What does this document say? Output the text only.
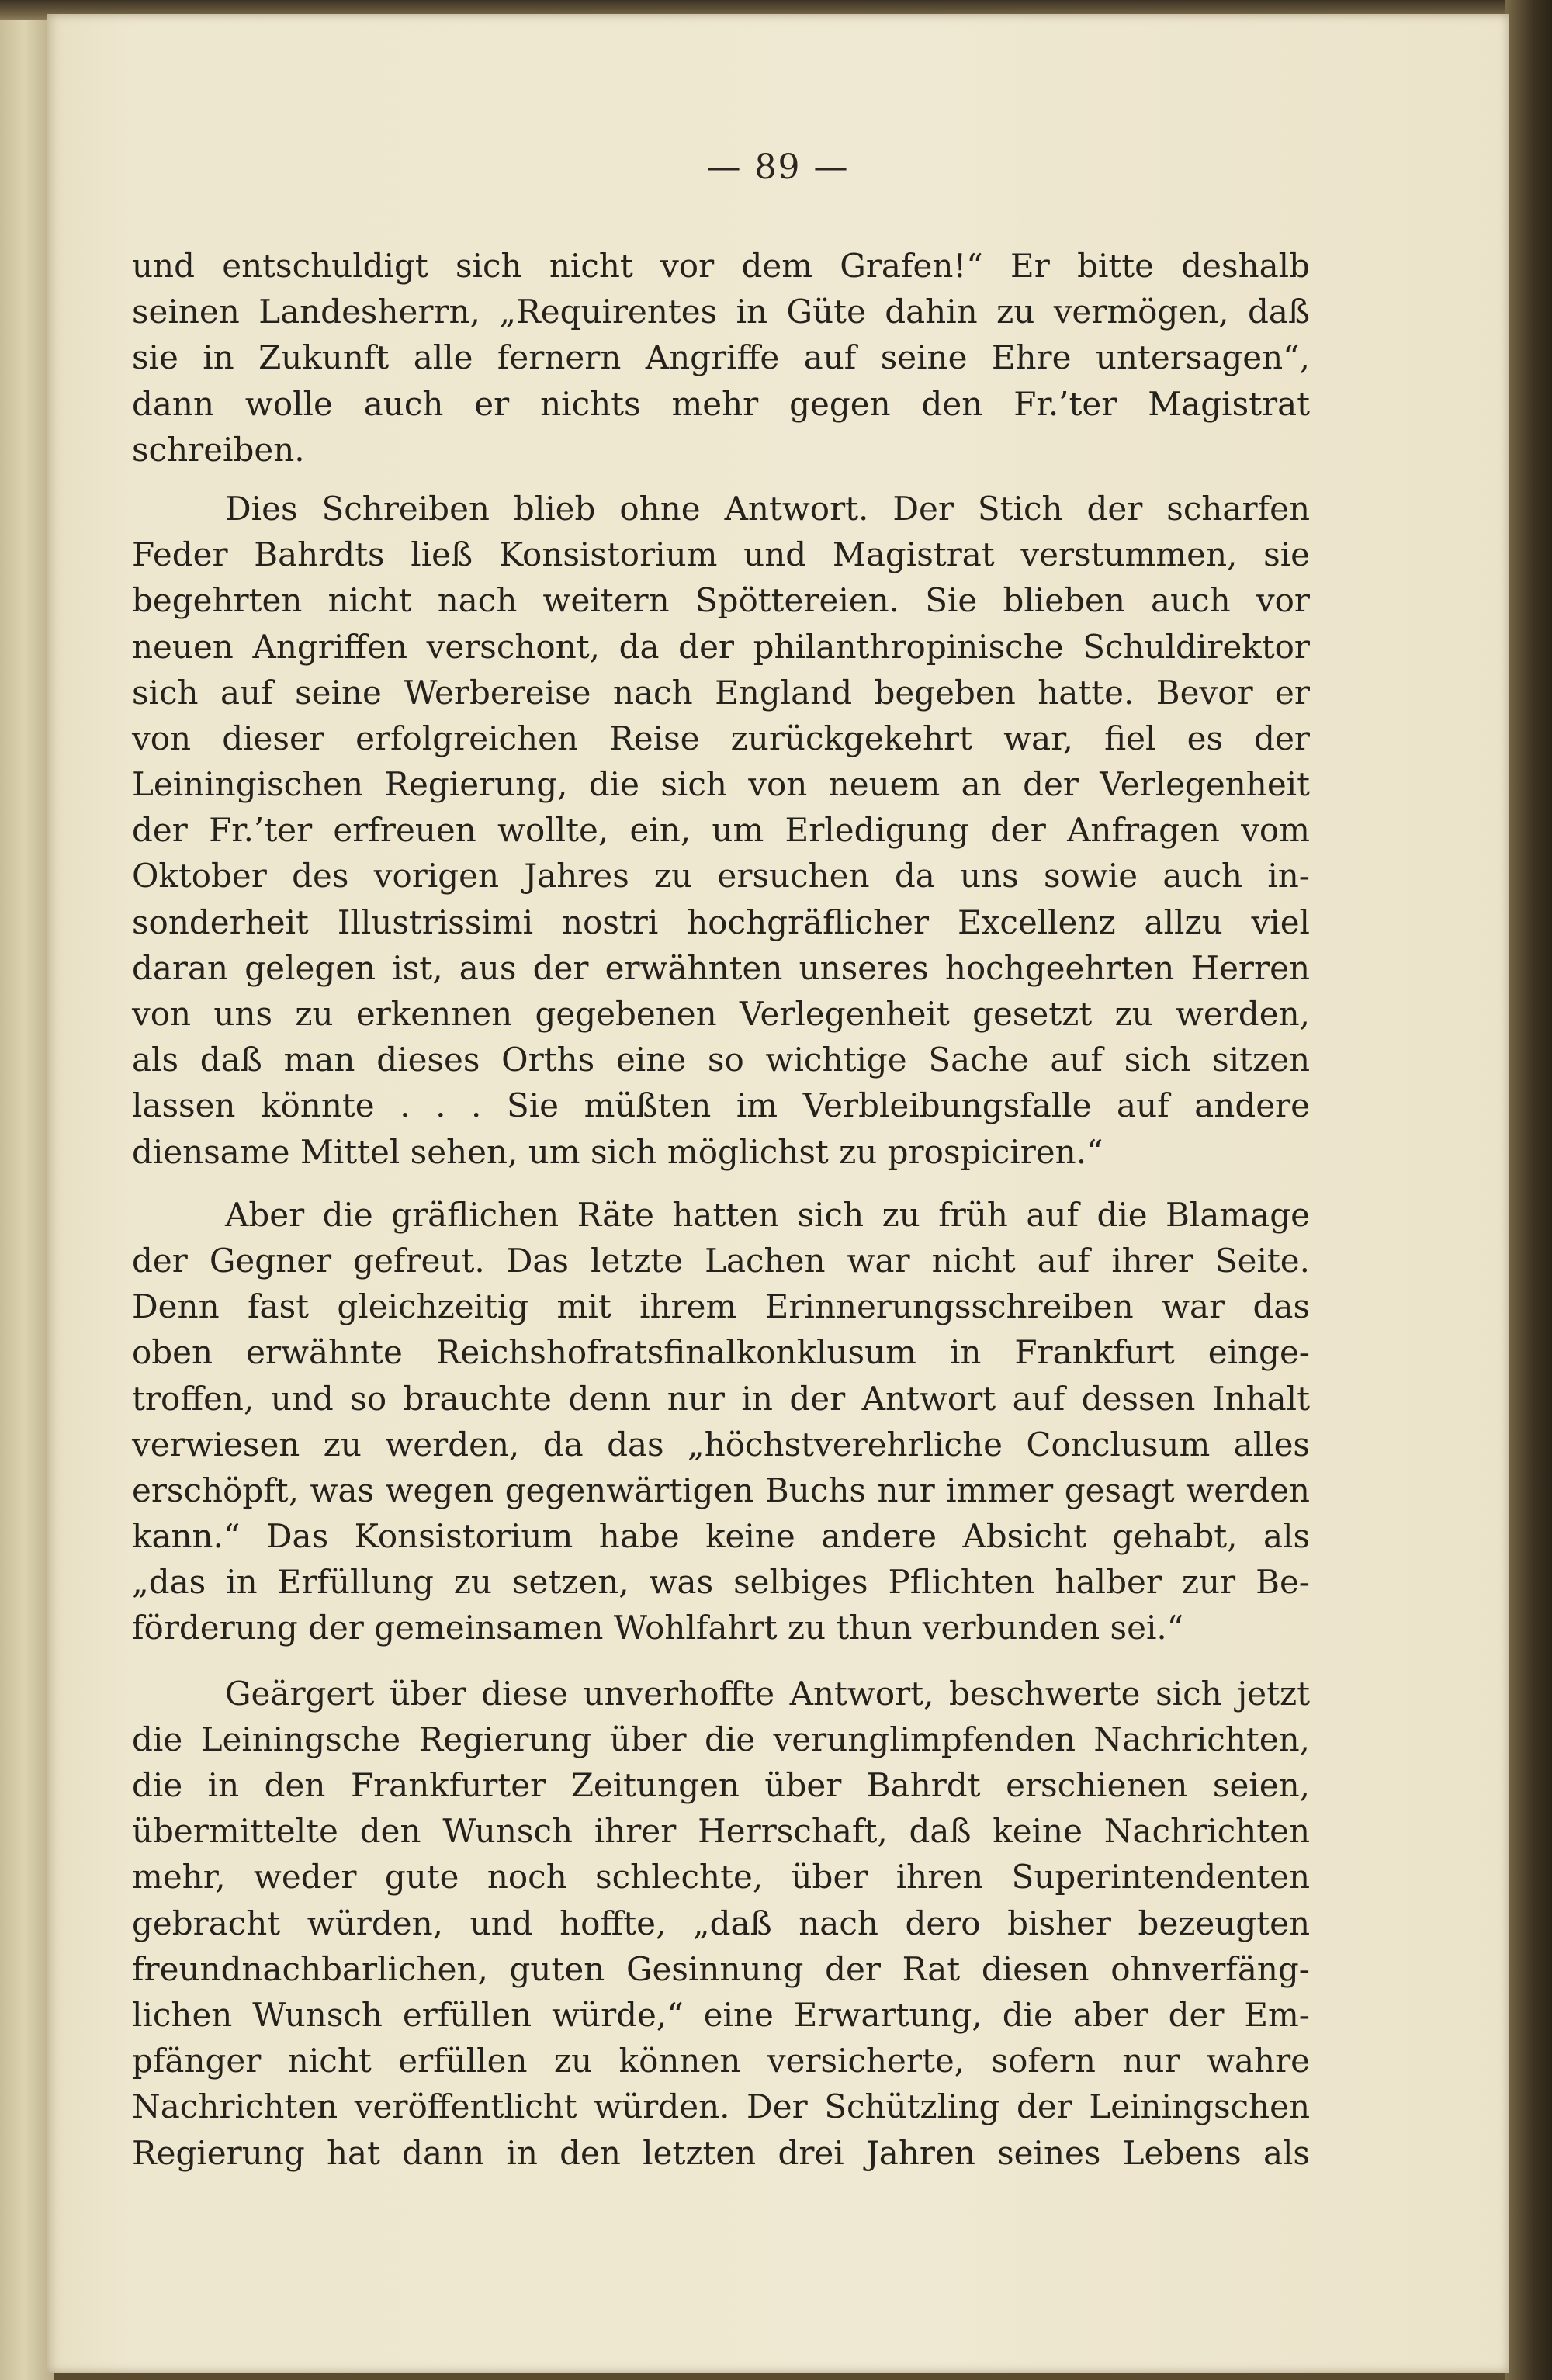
— 89 —
und entschuldigt sich nicht vor dem Grafen!“ Er bitte deshalb
seinen Landesherrn, „Requirentes in Güte dahin zu vermögen, daß
sie in Zukunft alle fernern Angriffe auf seine Ehre untersagen“,
dann wolle auch er nichts mehr gegen den Fr.’ter Magistrat
schreiben.
Dies Schreiben blieb ohne Antwort. Der Stich der scharfen
Feder Bahrdts ließ Konsistorium und Magistrat verstummen, sie
begehrten nicht nach weitern Spöttereien. Sie blieben auch vor
neuen Angriffen verschont, da der philanthropinische Schuldirektor
sich auf seine Werbereise nach England begeben hatte. Bevor er
von dieser erfolgreichen Reise zurückgekehrt war, fiel es der
Leiningischen Regierung, die sich von neuem an der Verlegenheit
der Fr.’ter erfreuen wollte, ein, um Erledigung der Anfragen vom
Oktober des vorigen Jahres zu ersuchen da uns sowie auch in-
sonderheit Illustrissimi nostri hochgräflicher Excellenz allzu viel
daran gelegen ist, aus der erwähnten unseres hochgeehrten Herren
von uns zu erkennen gegebenen Verlegenheit gesetzt zu werden,
als daß man dieses Orths eine so wichtige Sache auf sich sitzen
lassen könnte . . . Sie müßten im Verbleibungsfalle auf andere
diensame Mittel sehen, um sich möglichst zu prospiciren.“
Aber die gräflichen Räte hatten sich zu früh auf die Blamage
der Gegner gefreut. Das letzte Lachen war nicht auf ihrer Seite.
Denn fast gleichzeitig mit ihrem Erinnerungsschreiben war das
oben erwähnte Reichshofratsfinalkonklusum in Frankfurt einge-
troffen, und so brauchte denn nur in der Antwort auf dessen Inhalt
verwiesen zu werden, da das „höchstverehrliche Conclusum alles
erschöpft, was wegen gegenwärtigen Buchs nur immer gesagt werden
kann.“ Das Konsistorium habe keine andere Absicht gehabt, als
„das in Erfüllung zu setzen, was selbiges Pflichten halber zur Be-
förderung der gemeinsamen Wohlfahrt zu thun verbunden sei.“
Geärgert über diese unverhoffte Antwort, beschwerte sich jetzt
die Leiningsche Regierung über die verunglimpfenden Nachrichten,
die in den Frankfurter Zeitungen über Bahrdt erschienen seien,
übermittelte den Wunsch ihrer Herrschaft, daß keine Nachrichten
mehr, weder gute noch schlechte, über ihren Superintendenten
gebracht würden, und hoffte, „daß nach dero bisher bezeugten
freundnachbarlichen, guten Gesinnung der Rat diesen ohnverfäng-
lichen Wunsch erfüllen würde,“ eine Erwartung, die aber der Em-
pfänger nicht erfüllen zu können versicherte, sofern nur wahre
Nachrichten veröffentlicht würden. Der Schützling der Leiningschen
Regierung hat dann in den letzten drei Jahren seines Lebens als
